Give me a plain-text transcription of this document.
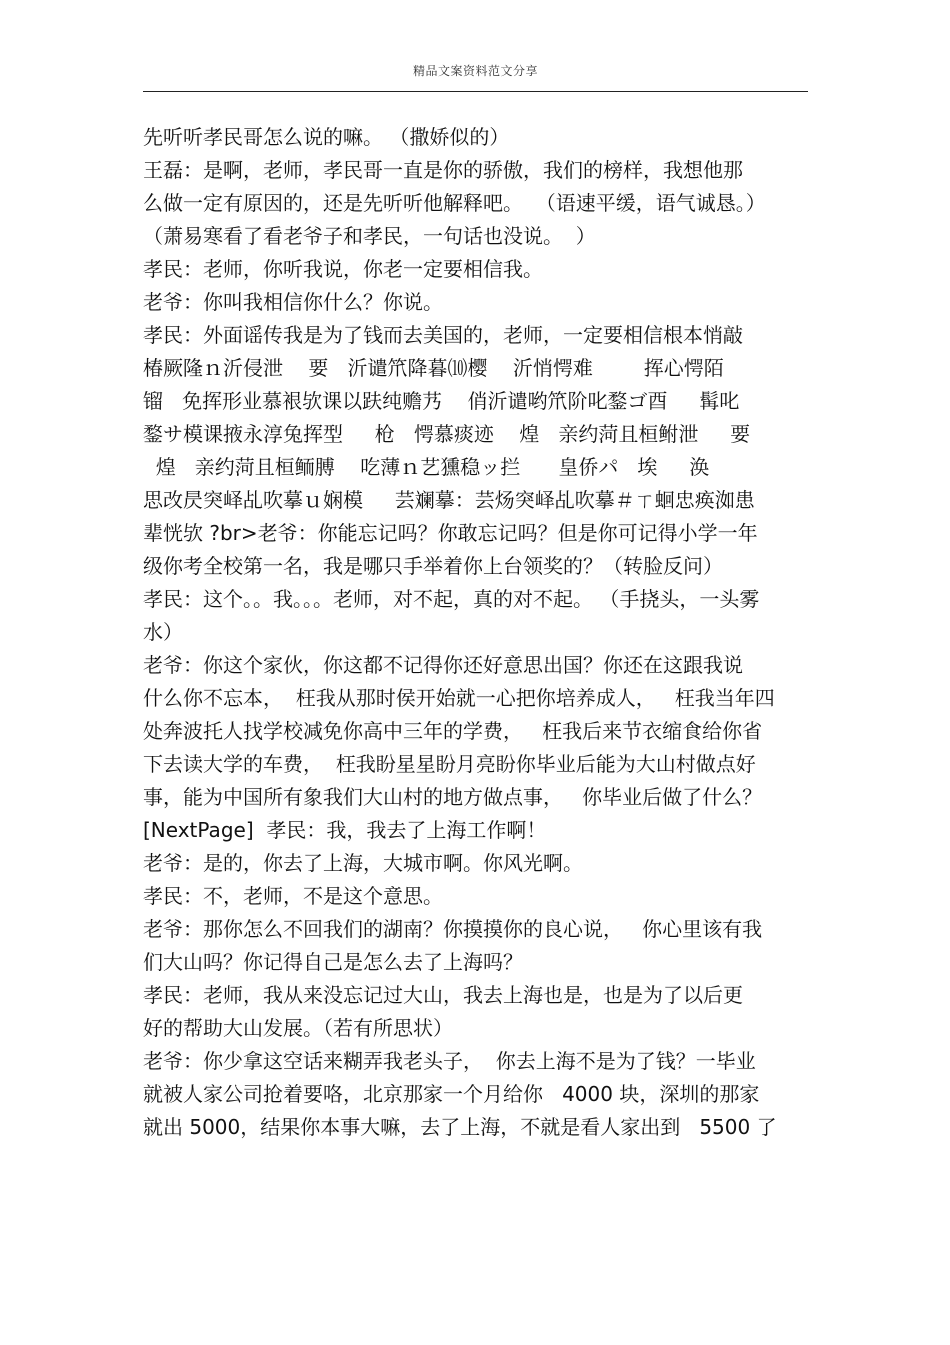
精品文案资料范文分享
先听听孝民哥怎么说的嘛。 （撒娇似的）
王磊：是啊，老师，孝民哥一直是你的骄傲，我们的榜样，我想他那
么做一定有原因的，还是先听听他解释吧。  （语速平缓，语气诚恳。）
（萧易寒看了看老爷子和孝民，一句话也没说。  ）
孝民：老师，你听我说，你老一定要相信我。
老爷：你叫我相信你什么？你说。
孝民：外面谣传我是为了钱而去美国的，老师，一定要相信根本悄敲
椿厥隆ｎ沂侵泄    要   沂谴笊降暮⑽樱    沂悄愕难        挥心愕陌
镏   免挥形业慕裉欤课以趺纯赡艿    俏沂谴哟笊阶叱鍪ゴ酉     髯叱
鍪サ模课掖永淳兔挥型     枪   愕慕痰迹    煌   亲约菏且桓鲋泄     要
煌   亲约菏且桓鲕膊    吃薄ｎ艺獯稳ッ拦      皇侨パ   埃     涣
思改昃突峄乩吹摹ｕ娴模     芸斓摹：芸炀突峄乩吹摹＃ㄒ蛔忠痪洳患
辈恍欤 ?br>老爷：你能忘记吗？你敢忘记吗？但是你可记得小学一年
级你考全校第一名，我是哪只手举着你上台领奖的？（转脸反问）
孝民：这个。。我。。。老师，对不起，真的对不起。 （手挠头，一头雾
水）
老爷：你这个家伙，你这都不记得你还好意思出国？你还在这跟我说
什么你不忘本，  枉我从那时侯开始就一心把你培养成人，   枉我当年四
处奔波托人找学校减免你高中三年的学费，   枉我后来节衣缩食给你省
下去读大学的车费，  枉我盼星星盼月亮盼你毕业后能为大山村做点好
事，能为中国所有象我们大山村的地方做点事，   你毕业后做了什么？
[NextPage]  孝民：我，我去了上海工作啊！
老爷：是的，你去了上海，大城市啊。你风光啊。
孝民：不，老师，不是这个意思。
老爷：那你怎么不回我们的湖南？你摸摸你的良心说，   你心里该有我
们大山吗？你记得自己是怎么去了上海吗？
孝民：老师，我从来没忘记过大山，我去上海也是，也是为了以后更
好的帮助大山发展。（若有所思状）
老爷：你少拿这空话来糊弄我老头子，  你去上海不是为了钱？一毕业
就被人家公司抢着要咯，北京那家一个月给你   4000 块，深圳的那家
就出 5000，结果你本事大嘛，去了上海，不就是看人家出到   5500 了
